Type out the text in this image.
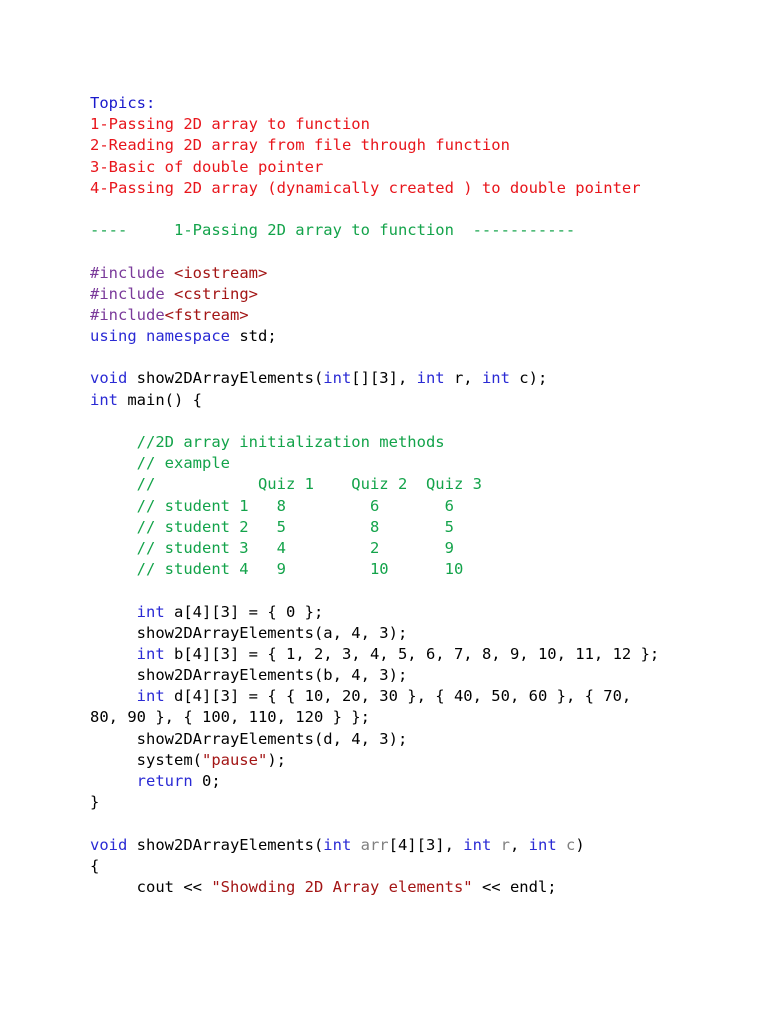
Topics:
1-Passing 2D array to function
2-Reading 2D array from file through function
3-Basic of double pointer
4-Passing 2D array (dynamically created ) to double pointer
----     1-Passing 2D array to function  -----------
#include <iostream>
#include <cstring>
#include<fstream>
using namespace std;
void show2DArrayElements(int[][3], int r, int c);
int main() {
//2D array initialization methods
// example
//           Quiz 1    Quiz 2  Quiz 3
// student 1   8         6       6
// student 2   5         8       5
// student 3   4         2       9
// student 4   9         10      10
int a[4][3] = { 0 };
show2DArrayElements(a, 4, 3);
int b[4][3] = { 1, 2, 3, 4, 5, 6, 7, 8, 9, 10, 11, 12 };
show2DArrayElements(b, 4, 3);
int d[4][3] = { { 10, 20, 30 }, { 40, 50, 60 }, { 70,
80, 90 }, { 100, 110, 120 } };
show2DArrayElements(d, 4, 3);
system("pause");
return 0;
}
void show2DArrayElements(int arr[4][3], int r, int c)
{
cout << "Showding 2D Array elements" << endl;
